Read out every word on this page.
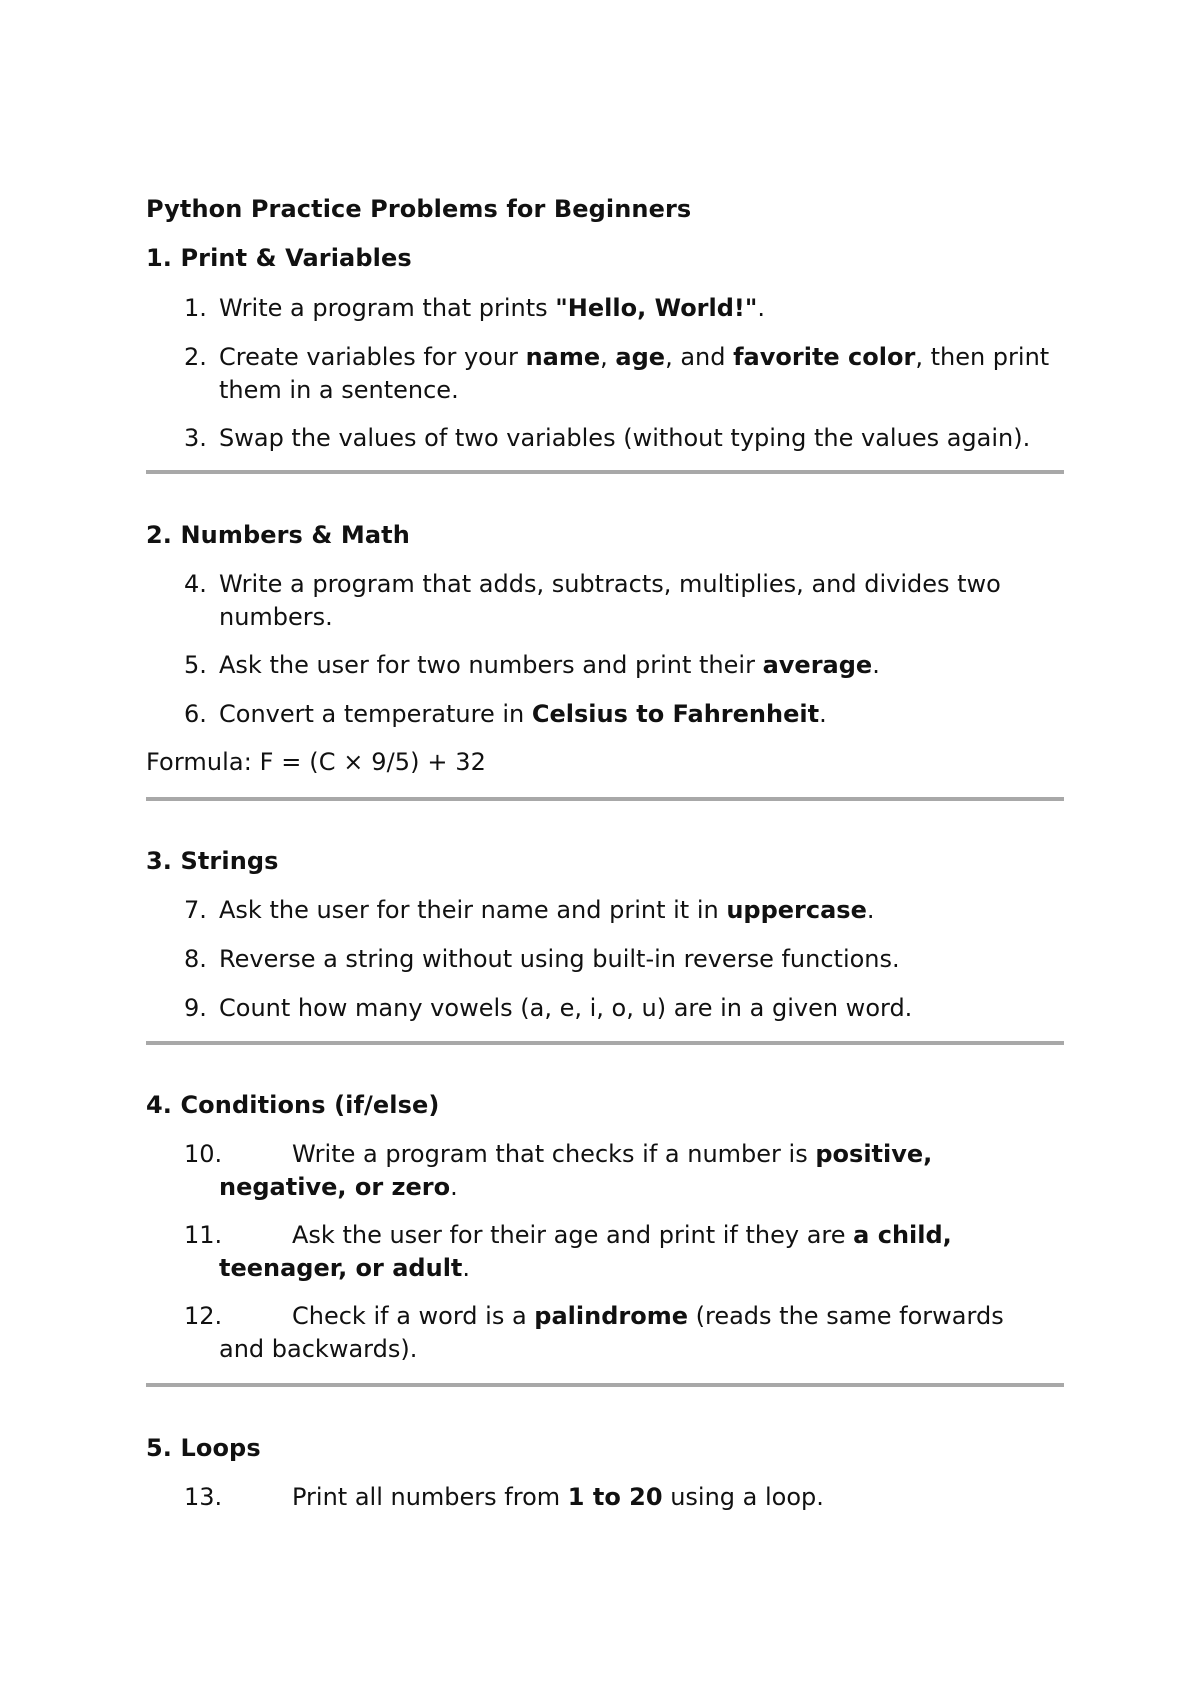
Python Practice Problems for Beginners
1. Print & Variables
1. Write a program that prints "Hello, World!".
2. Create variables for your name, age, and favorite color, then print
them in a sentence.
3. Swap the values of two variables (without typing the values again).
2. Numbers & Math
4. Write a program that adds, subtracts, multiplies, and divides two
numbers.
5. Ask the user for two numbers and print their average.
6. Convert a temperature in Celsius to Fahrenheit.
Formula: F = (C × 9/5) + 32
3. Strings
7. Ask the user for their name and print it in uppercase.
8. Reverse a string without using built-in reverse functions.
9. Count how many vowels (a, e, i, o, u) are in a given word.
4. Conditions (if/else)
10.	Write a program that checks if a number is positive,
negative, or zero.
11.	Ask the user for their age and print if they are a child,
teenager, or adult.
12.	Check if a word is a palindrome (reads the same forwards
and backwards).
5. Loops
13.	Print all numbers from 1 to 20 using a loop.
